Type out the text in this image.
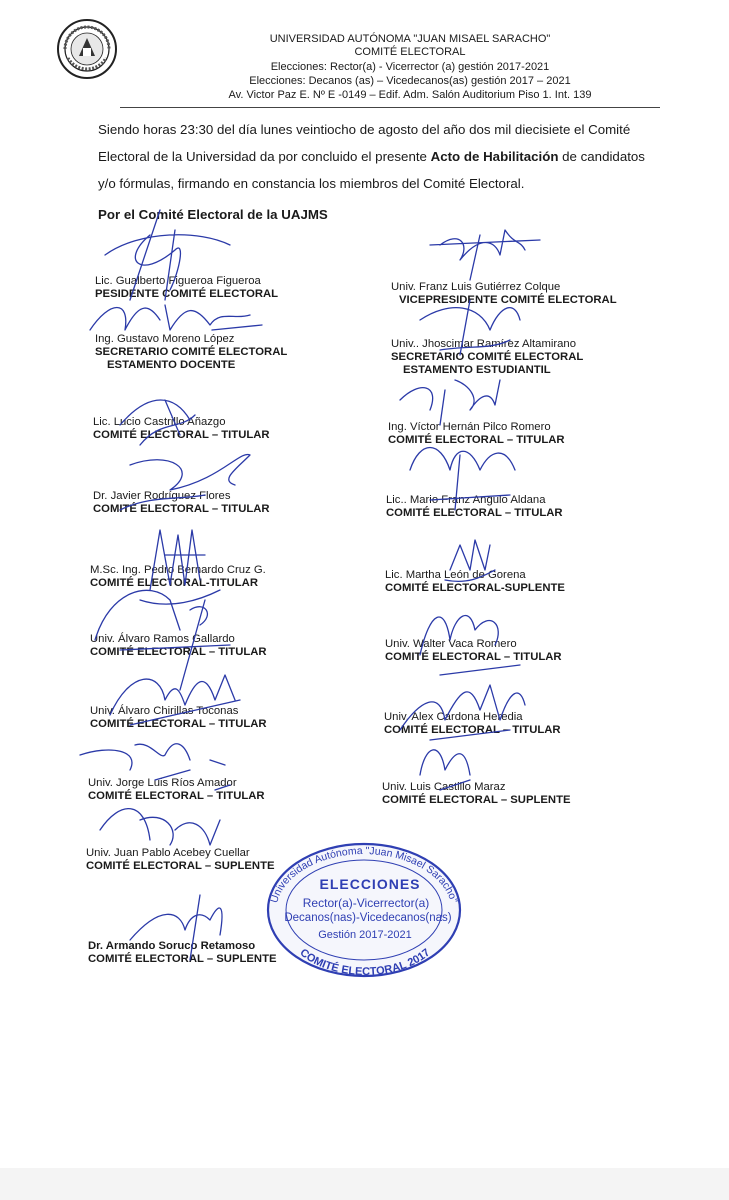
UNIVERSIDAD AUTÓNOMA "JUAN MISAEL SARACHO"
COMITÉ ELECTORAL
Elecciones: Rector(a) - Vicerrector (a) gestión 2017-2021
Elecciones: Decanos (as) – Vicedecanos(as) gestión 2017 – 2021
Av. Victor Paz E. Nº E -0149 – Edif. Adm. Salón Auditorium Piso 1. Int. 139
Siendo horas 23:30 del día lunes veintiocho de agosto del año dos mil diecisiete el Comité Electoral de la Universidad da por concluido el presente Acto de Habilitación de candidatos y/o fórmulas, firmando en constancia los miembros del Comité Electoral.
Por el Comité Electoral de la UAJMS
Lic. Gualberto Figueroa Figueroa
PESIDENTE COMITÉ ELECTORAL
Ing. Gustavo Moreno López
SECRETARIO COMITÉ ELECTORAL
ESTAMENTO DOCENTE
Lic. Lucio Castrillo Añazgo
COMITÉ ELECTORAL – TITULAR
Dr. Javier Rodríguez Flores
COMITÉ ELECTORAL – TITULAR
M.Sc. Ing. Pedro Bernardo Cruz G.
COMITÉ ELECTORAL-TITULAR
Univ. Álvaro Ramos Gallardo
COMITÉ ELECTORAL – TITULAR
Univ. Álvaro Chirillas Toconas
COMITÉ ELECTORAL – TITULAR
Univ. Jorge Luis Ríos Amador
COMITÉ ELECTORAL – TITULAR
Univ. Juan Pablo Acebey Cuellar
COMITÉ ELECTORAL – SUPLENTE
Dr. Armando Soruco Retamoso
COMITÉ ELECTORAL – SUPLENTE
Univ. Franz Luis Gutiérrez Colque
VICEPRESIDENTE COMITÉ ELECTORAL
Univ.. Jhoscimar Ramírez Altamirano
SECRETARIO COMITÉ ELECTORAL
ESTAMENTO ESTUDIANTIL
Ing. Víctor Hernán Pilco Romero
COMITÉ ELECTORAL – TITULAR
Lic.. Mario Franz Angulo Aldana
COMITÉ ELECTORAL – TITULAR
Lic. Martha León de Gorena
COMITÉ ELECTORAL-SUPLENTE
Univ. Walter Vaca Romero
COMITÉ ELECTORAL – TITULAR
Univ. Alex Cardona Heredia
COMITÉ ELECTORAL – TITULAR
Univ. Luis Castillo Maraz
COMITÉ ELECTORAL – SUPLENTE
Universidad Autónoma "Juan Misael Saracho"
COMITÉ ELECTORAL 2017
ELECCIONES
Rector(a)-Vicerrector(a)
Decanos(nas)-Vicedecanos(nas)
Gestión 2017-2021
